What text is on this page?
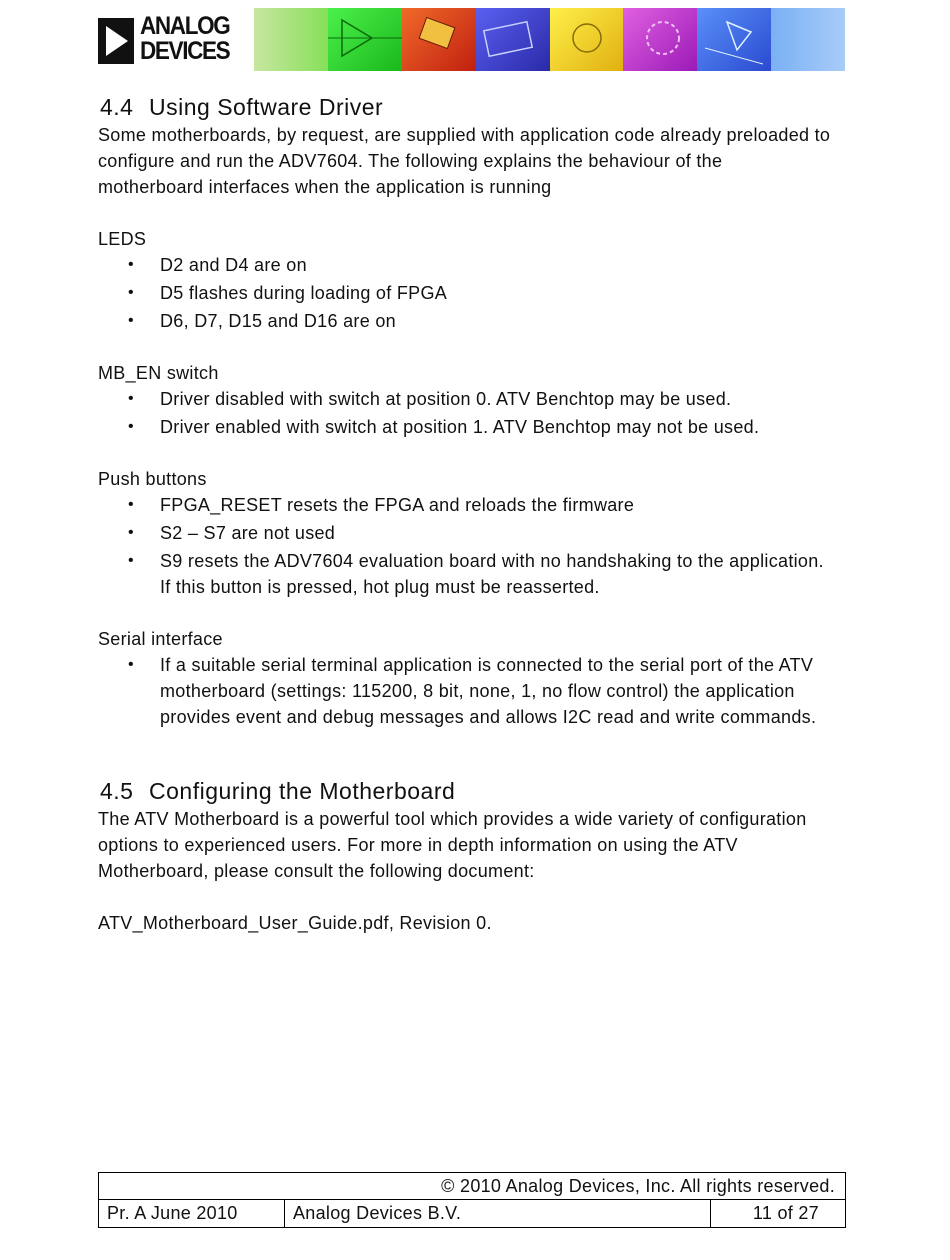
ANALOG
DEVICES
4.4 Using Software Driver

Some motherboards, by request, are supplied with application code already preloaded to

configure and run the ADV7604. The following explains the behaviour of the

motherboard interfaces when the application is running

LEDS

• D2 and D4 are on
• D5 flashes during loading of FPGA
• D6, D7, D15 and D16 are on

MB_EN switch

• Driver disabled with switch at position 0. ATV Benchtop may be used.
• Driver enabled with switch at position 1. ATV Benchtop may not be used.

Push buttons

• FPGA_RESET resets the FPGA and reloads the firmware
• S2 – S7 are not used
• S9 resets the ADV7604 evaluation board with no handshaking to the application.
If this button is pressed, hot plug must be reasserted.

Serial interface

• If a suitable serial terminal application is connected to the serial port of the ATV
motherboard (settings: 115200, 8 bit, none, 1, no flow control) the application
provides event and debug messages and allows I2C read and write commands.
4.5 Configuring the Motherboard

The ATV Motherboard is a powerful tool which provides a wide variety of configuration

options to experienced users. For more in depth information on using the ATV

Motherboard, please consult the following document:

ATV_Motherboard_User_Guide.pdf, Revision 0.

© 2010 Analog Devices, Inc. All rights reserved.
Pr. A June 2010	Analog Devices B.V.	11 of 27
